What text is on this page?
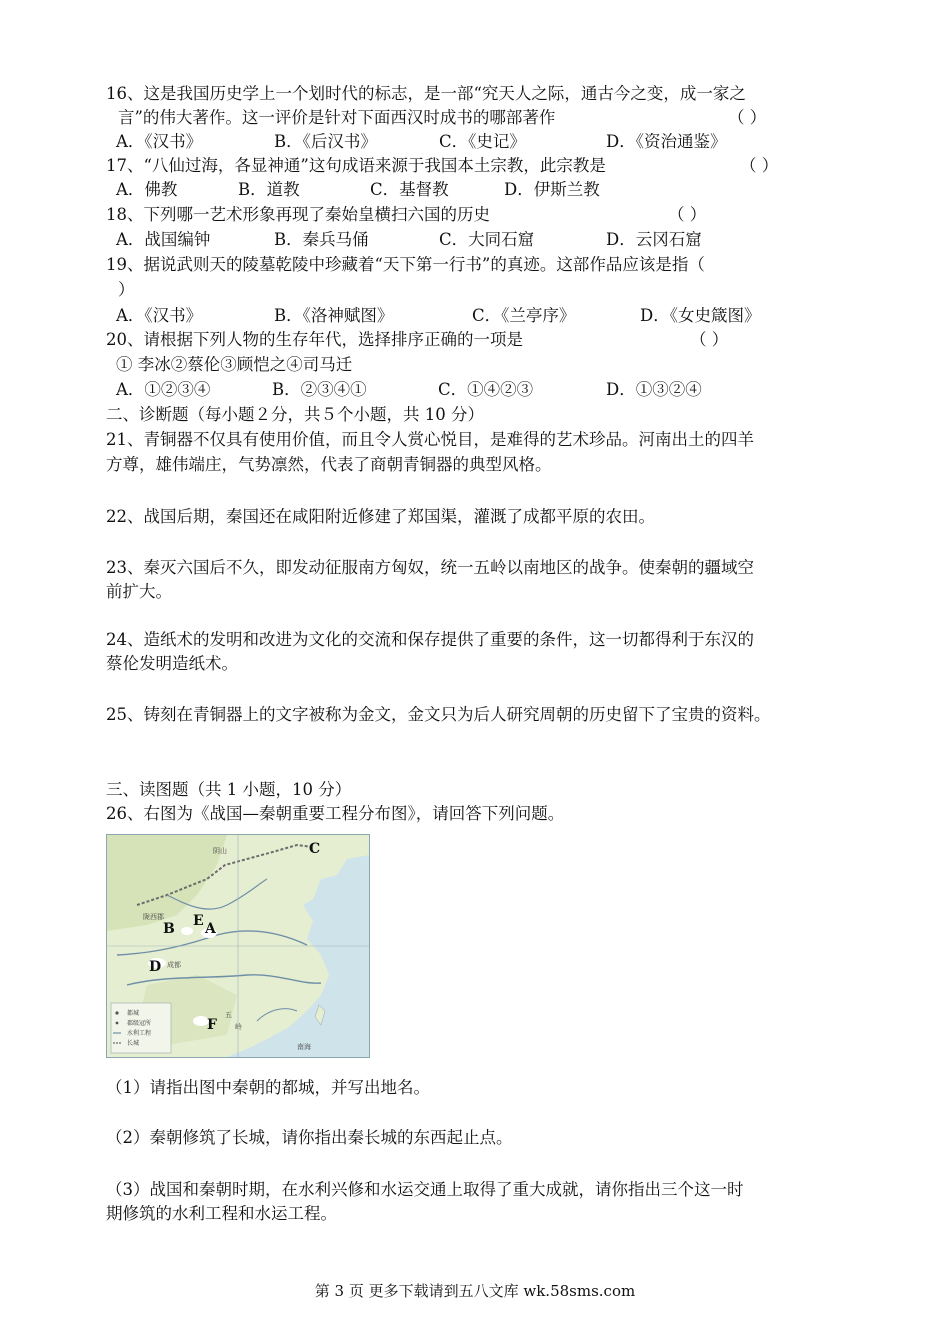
16、这是我国历史学上一个划时代的标志，是一部“究天人之际，通古今之变，成一家之
言”的伟大著作。这一评价是针对下面西汉时成书的哪部著作	（ ）
A．《汉书》	B．《后汉书》	C．《史记》	D．《资治通鉴》
17、“八仙过海，各显神通”这句成语来源于我国本土宗教，此宗教是	（ ）
A．佛教	B．道教	C．基督教	D．伊斯兰教
18、下列哪一艺术形象再现了秦始皇横扫六国的历史	（ ）
A．战国编钟	B．秦兵马俑	C．大同石窟	D．云冈石窟
19、据说武则天的陵墓乾陵中珍藏着“天下第一行书”的真迹。这部作品应该是指（
）
A．《汉书》	B．《洛神赋图》	C．《兰亭序》	D．《女史箴图》
20、请根据下列人物的生存年代，选择排序正确的一项是	（ ）
① 李冰②蔡伦③顾恺之④司马迁
A．①②③④	B．②③④①	C．①④②③	D．①③②④
二、诊断题（每小题２分，共５个小题，共 10 分）
21、青铜器不仅具有使用价值，而且令人赏心悦目，是难得的艺术珍品。河南出土的四羊
方尊，雄伟端庄，气势凛然，代表了商朝青铜器的典型风格。
22、战国后期，秦国还在咸阳附近修建了郑国渠，灌溉了成都平原的农田。
23、秦灭六国后不久，即发动征服南方匈奴，统一五岭以南地区的战争。使秦朝的疆域空
前扩大。
24、造纸术的发明和改进为文化的交流和保存提供了重要的条件，这一切都得利于东汉的
蔡伦发明造纸术。
25、铸刻在青铜器上的文字被称为金文，金文只为后人研究周朝的历史留下了宝贵的资料。
三、读图题（共 1 小题，10 分）
26、右图为《战国—秦朝重要工程分布图》，请回答下列问题。
都城
郡级冠所
水利工程
长城
阴山
陇西郡
成都
五
岭
南海
C
E A
B
D
F
（1）请指出图中秦朝的都城，并写出地名。
（2）秦朝修筑了长城，请你指出秦长城的东西起止点。
（3）战国和秦朝时期，在水利兴修和水运交通上取得了重大成就，请你指出三个这一时
期修筑的水利工程和水运工程。
第 3 页 更多下载请到五八文库 wk.58sms.com
